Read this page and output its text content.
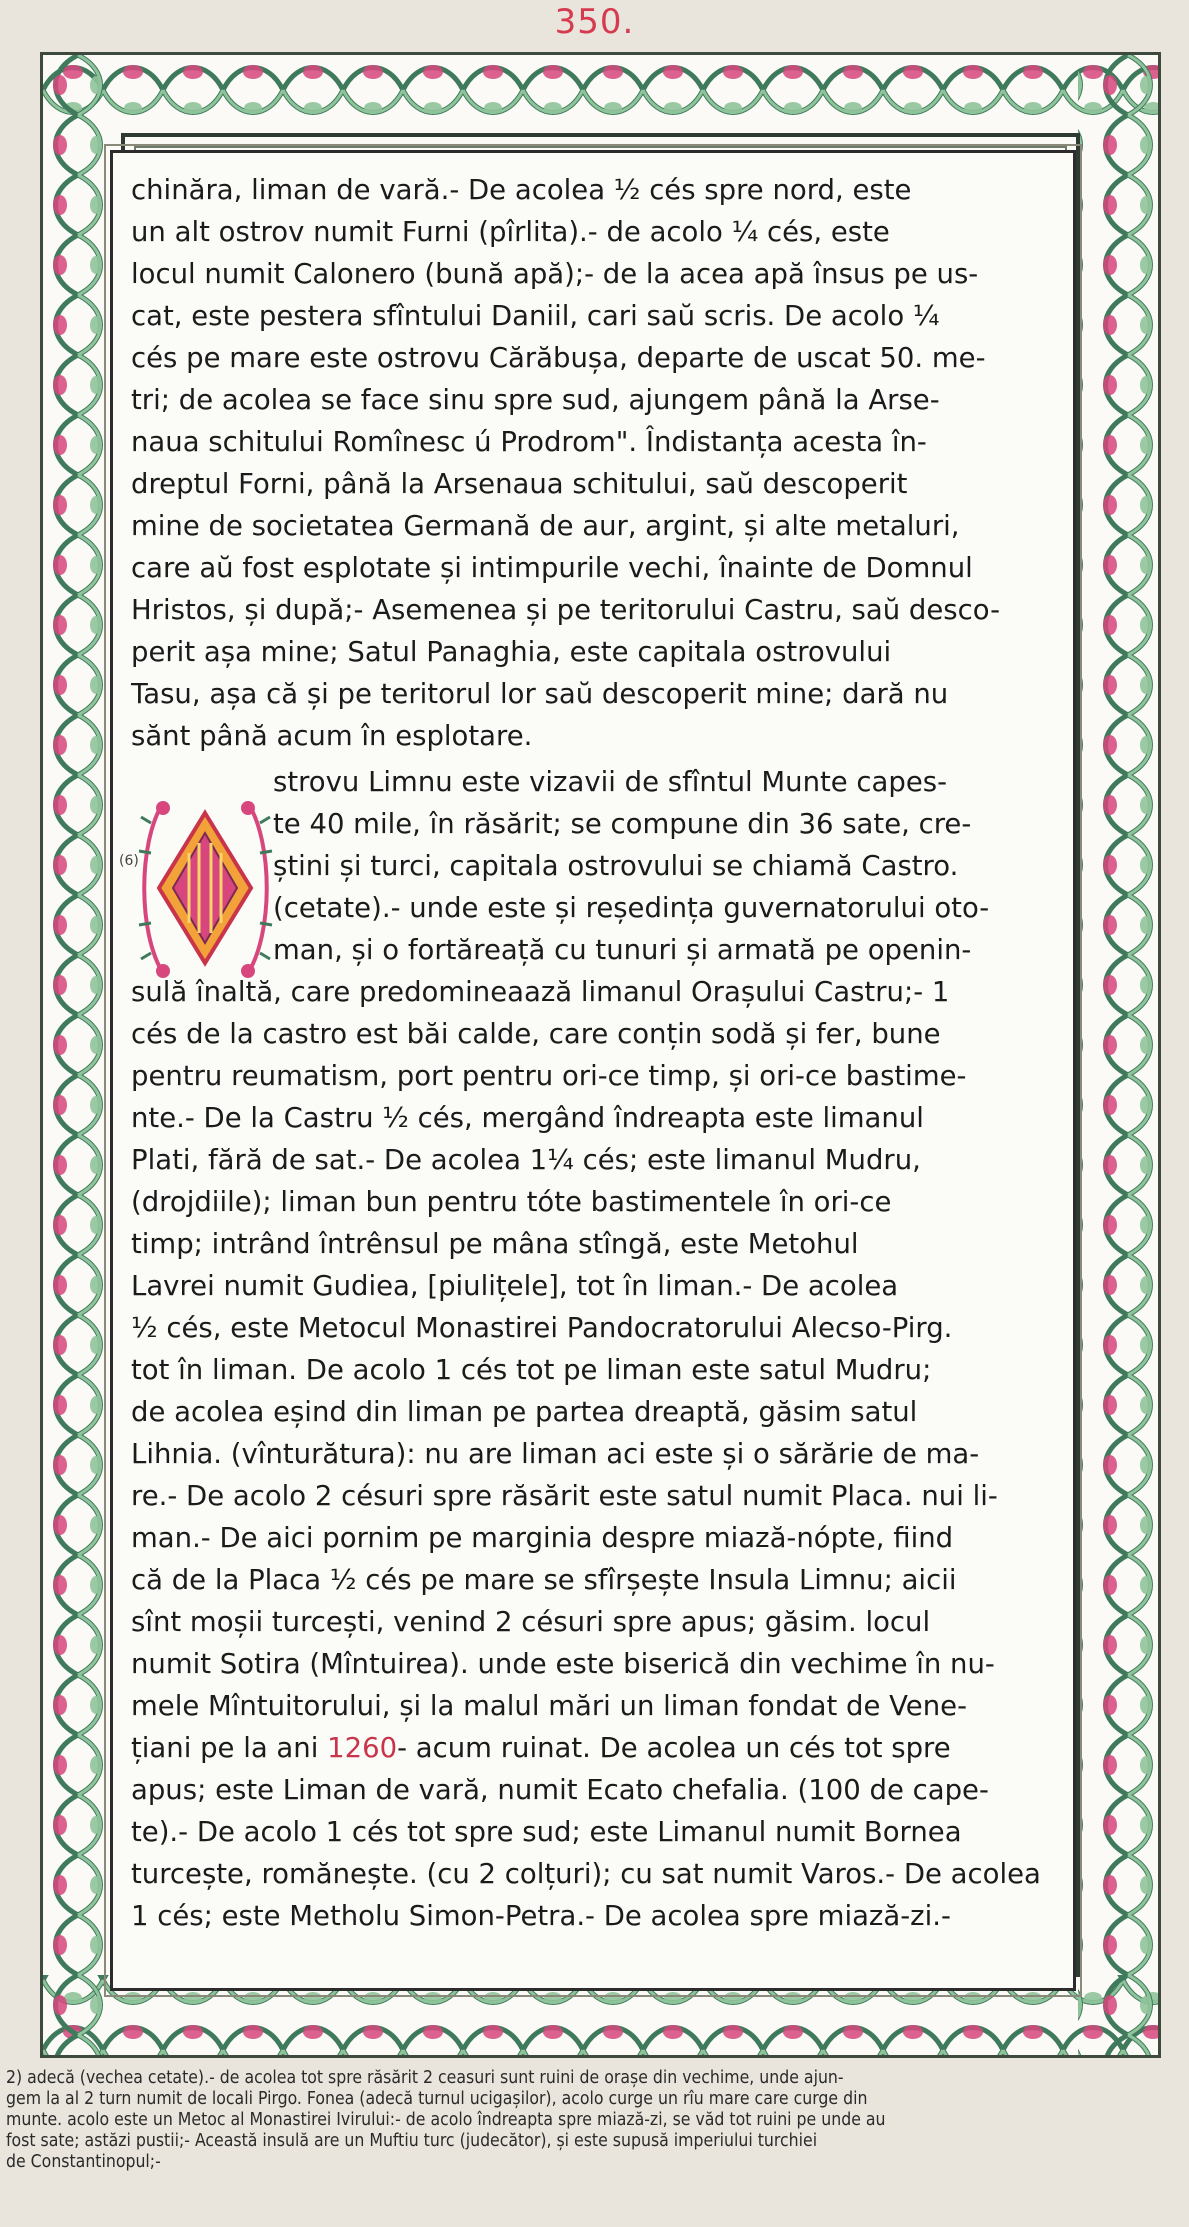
350.
chinăra, liman de vară.- De acolea ½ cés spre nord, este
un alt ostrov numit Furni (pîrlita).- de acolo ¼ cés, este
locul numit Calonero (bună apă);- de la acea apă însus pe us-
cat, este pestera sfîntului Daniil, cari saŭ scris. De acolo ¼
cés pe mare este ostrovu Cărăbușa, departe de uscat 50. me-
tri; de acolea se face sinu spre sud, ajungem până la Arse-
naua schitului Romînesc ú Prodrom". Îndistanța acesta în-
dreptul Forni, până la Arsenaua schitului, saŭ descoperit
mine de societatea Germană de aur, argint, și alte metaluri,
care aŭ fost esplotate și intimpurile vechi, înainte de Domnul
Hristos, și după;- Asemenea și pe teritorului Castru, saŭ desco-
perit așa mine; Satul Panaghia, este capitala ostrovului
Tasu, așa că și pe teritorul lor saŭ descoperit mine; dară nu
sănt până acum în esplotare.
(6)
strovu Limnu este vizavii de sfîntul Munte capes-
te 40 mile, în răsărit; se compune din 36 sate, cre-
știni și turci, capitala ostrovului se chiamă Castro.
(cetate).- unde este și reședința guvernatorului oto-
man, și o fortăreață cu tunuri și armată pe openin-
sulă înaltă, care predomineaază limanul Orașului Castru;- 1
cés de la castro est băi calde, care conțin sodă și fer, bune
pentru reumatism, port pentru ori-ce timp, și ori-ce bastime-
nte.- De la Castru ½ cés, mergând îndreapta este limanul
Plati, fără de sat.- De acolea 1¼ cés; este limanul Mudru,
(drojdiile); liman bun pentru tóte bastimentele în ori-ce
timp; intrând întrênsul pe mâna stîngă, este Metohul
Lavrei numit Gudiea, [piulițele], tot în liman.- De acolea
½ cés, este Metocul Monastirei Pandocratorului Alecso-Pirg.
tot în liman. De acolo 1 cés tot pe liman este satul Mudru;
de acolea eșind din liman pe partea dreaptă, găsim satul
Lihnia. (vînturătura): nu are liman aci este și o sărărie de ma-
re.- De acolo 2 césuri spre răsărit este satul numit Placa. nui li-
man.- De aici pornim pe marginia despre miază-nópte, fiind
că de la Placa ½ cés pe mare se sfîrșește Insula Limnu; aicii
sînt moșii turcești, venind 2 césuri spre apus; găsim. locul
numit Sotira (Mîntuirea). unde este biserică din vechime în nu-
mele Mîntuitorului, și la malul mări un liman fondat de Vene-
țiani pe la ani 1260- acum ruinat. De acolea un cés tot spre
apus; este Liman de vară, numit Ecato chefalia. (100 de cape-
te).- De acolo 1 cés tot spre sud; este Limanul numit Bornea
turcește, romănește. (cu 2 colțuri); cu sat numit Varos.- De acolea
1 cés; este Metholu Simon-Petra.- De acolea spre miază-zi.-
2) adecă (vechea cetate).- de acolea tot spre răsărit 2 ceasuri sunt ruini de orașe din vechime, unde ajun-
gem la al 2 turn numit de locali Pirgo. Fonea (adecă turnul ucigașilor), acolo curge un rîu mare care curge din
munte. acolo este un Metoc al Monastirei Ivirului:- de acolo îndreapta spre miază-zi, se văd tot ruini pe unde au
fost sate; astăzi pustii;- Această insulă are un Muftiu turc (judecător), și este supusă imperiului turchiei
de Constantinopul;-
